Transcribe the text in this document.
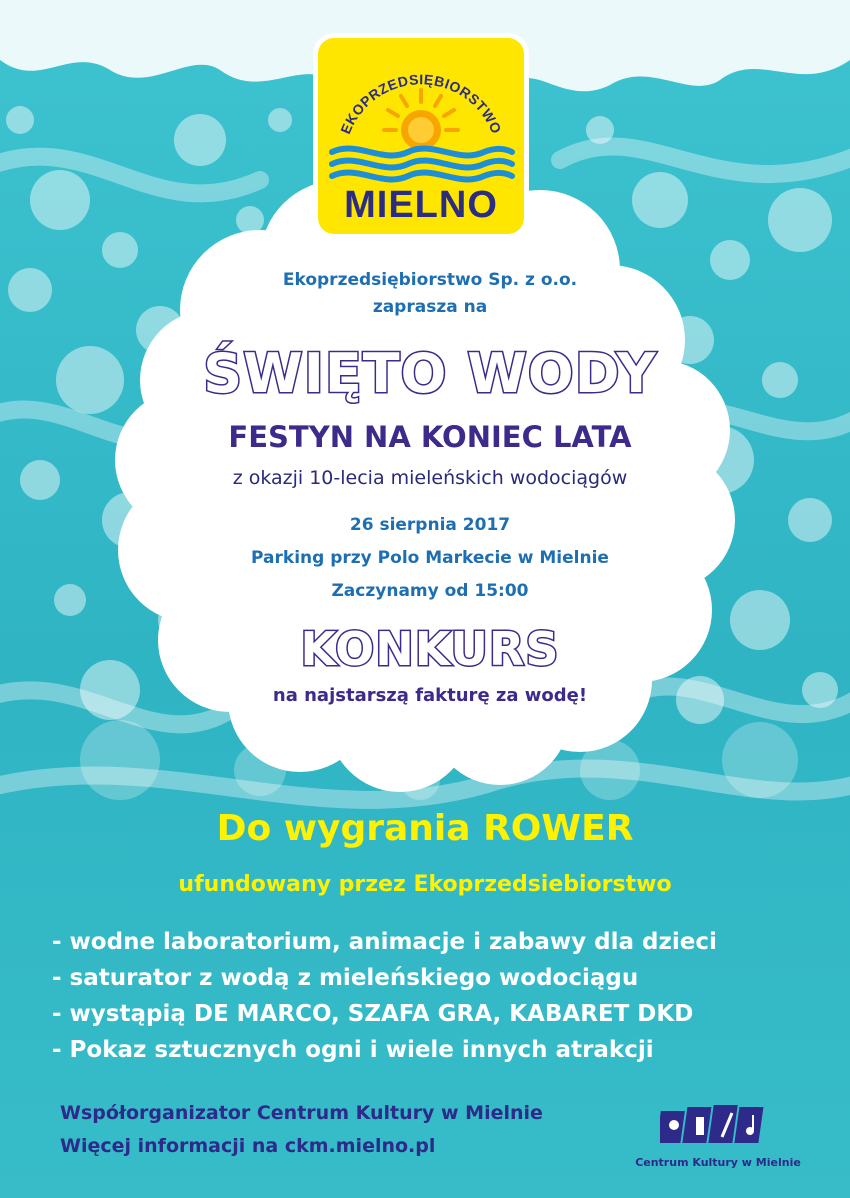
EKOPRZEDSIĘBIORSTWO
MIELNO
Ekoprzedsiębiorstwo Sp. z o.o.
zaprasza na
ŚWIĘTO WODY
FESTYN NA KONIEC LATA
z okazji 10-lecia mieleńskich wodociągów
26 sierpnia 2017
Parking przy Polo Markecie w Mielnie
Zaczynamy od 15:00
KONKURS
na najstarszą fakturę za wodę!
Do wygrania ROWER
ufundowany przez Ekoprzedsiebiorstwo
- wodne laboratorium, animacje i zabawy dla dzieci
- saturator z wodą z mieleńskiego wodociągu
- wystąpią DE MARCO, SZAFA GRA, KABARET DKD
- Pokaz sztucznych ogni i wiele innych atrakcji
Współorganizator Centrum Kultury w Mielnie
Więcej informacji na ckm.mielno.pl
Centrum Kultury w Mielnie
